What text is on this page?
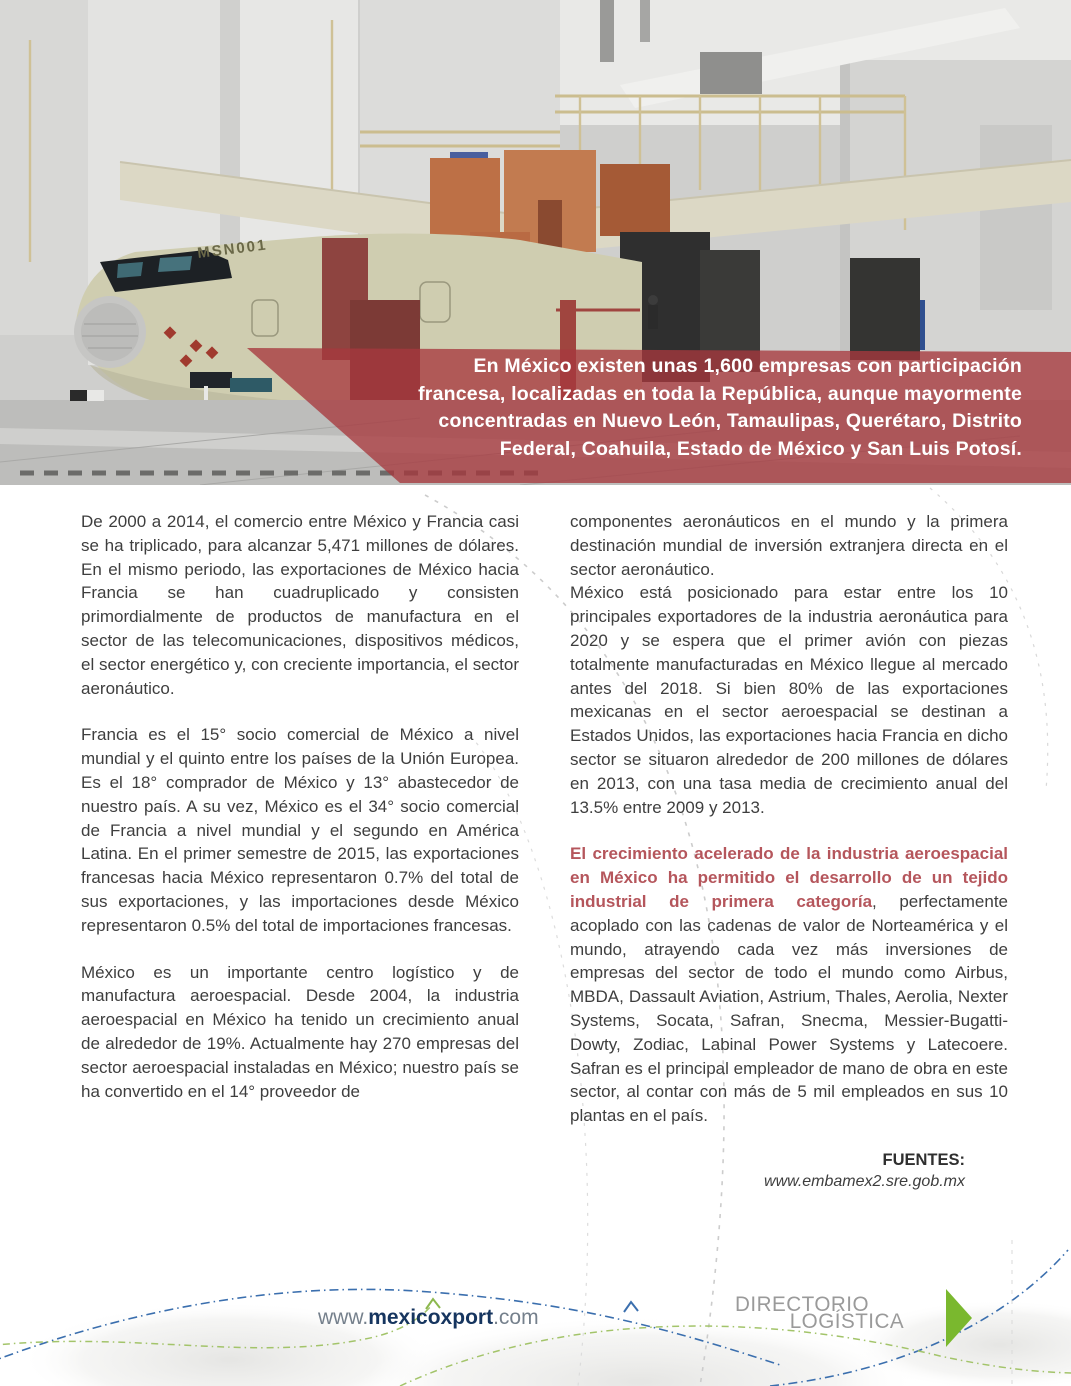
MSN001
En México existen unas 1,600 empresas con participación
francesa, localizadas en toda la República, aunque mayormente
concentradas en Nuevo León, Tamaulipas, Querétaro, Distrito
Federal, Coahuila, Estado de México y San Luis Potosí.

De 2000 a 2014, el comercio entre México y Francia casi se ha triplicado, para alcanzar 5,471 millones de dólares. En el mismo periodo, las exportaciones de México hacia Francia se han cuadruplicado y consisten primordialmente de productos de manufactura en el sector de las telecomunicaciones, dispositivos médicos, el sector energético y, con creciente importancia, el sector aeronáutico.

Francia es el 15° socio comercial de México a nivel mundial y el quinto entre los países de la Unión Europea. Es el 18° comprador de México y 13° abastecedor de nuestro país. A su vez, México es el 34° socio comercial de Francia a nivel mundial y el segundo en América Latina. En el primer semestre de 2015, las exportaciones francesas hacia México representaron 0.7% del total de sus exportaciones, y las importaciones desde México representaron 0.5% del total de importaciones francesas.

México es un importante centro logístico y de manufactura aeroespacial. Desde 2004, la industria aeroespacial en México ha tenido un crecimiento anual de alrededor de 19%. Actualmente hay 270 empresas del sector aeroespacial instaladas en México; nuestro país se ha convertido en el 14° proveedor de

componentes aeronáuticos en el mundo y la primera destinación mundial de inversión extranjera directa en el sector aeronáutico.

México está posicionado para estar entre los 10 principales exportadores de la industria aeronáutica para 2020 y se espera que el primer avión con piezas totalmente manufacturadas en México llegue al mercado antes del 2018. Si bien 80% de las exportaciones mexicanas en el sector aeroespacial se destinan a Estados Unidos, las exportaciones hacia Francia en dicho sector se situaron alrededor de 200 millones de dólares en 2013, con una tasa media de crecimiento anual del 13.5% entre 2009 y 2013.

El crecimiento acelerado de la industria aeroespacial en México ha permitido el desarrollo de un tejido industrial de primera categoría, perfectamente acoplado con las cadenas de valor de Norteamérica y el mundo, atrayendo cada vez más inversiones de empresas del sector de todo el mundo como Airbus, MBDA, Dassault Aviation, Astrium, Thales, Aerolia, Nexter Systems, Socata, Safran, Snecma, Messier-Bugatti-Dowty, Zodiac, Labinal Power Systems y Latecoere. Safran es el principal empleador de mano de obra en este sector, al contar con más de 5 mil empleados en sus 10 plantas en el país.

FUENTES:
www.embamex2.sre.gob.mx
www.mexicoxport.com
DIRECTORIO
LOGÍSTICA
